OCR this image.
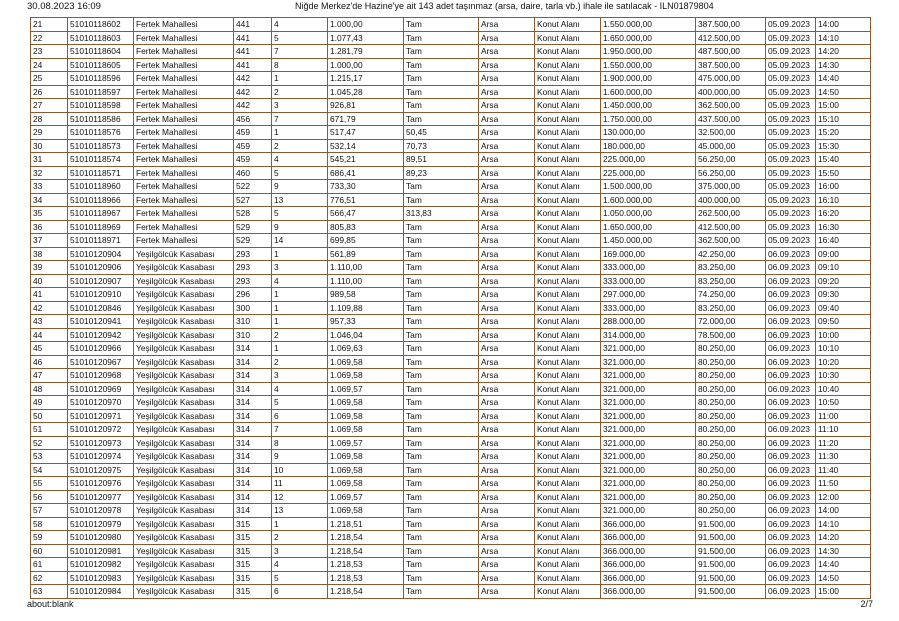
30.08.2023 16:09	Niğde Merkez'de Hazine'ye ait 143 adet taşınmaz (arsa, daire, tarla vb.) ihale ile satılacak - ILN01879804
21	51010118602	Fertek Mahallesi	441	4	1.000,00	Tam	Arsa	Konut Alanı	1.550.000,00	387.500,00	05.09.2023	14:00
22	51010118603	Fertek Mahallesi	441	5	1.077,43	Tam	Arsa	Konut Alanı	1.650.000,00	412.500,00	05.09.2023	14:10
23	51010118604	Fertek Mahallesi	441	7	1.281,79	Tam	Arsa	Konut Alanı	1.950.000,00	487.500,00	05.09.2023	14:20
24	51010118605	Fertek Mahallesi	441	8	1.000,00	Tam	Arsa	Konut Alanı	1.550.000,00	387.500,00	05.09.2023	14:30
25	51010118596	Fertek Mahallesi	442	1	1.215,17	Tam	Arsa	Konut Alanı	1.900.000,00	475.000,00	05.09.2023	14:40
26	51010118597	Fertek Mahallesi	442	2	1.045,28	Tam	Arsa	Konut Alanı	1.600.000,00	400.000,00	05.09.2023	14:50
27	51010118598	Fertek Mahallesi	442	3	926,81	Tam	Arsa	Konut Alanı	1.450.000,00	362.500,00	05.09.2023	15:00
28	51010118586	Fertek Mahallesi	456	7	671,79	Tam	Arsa	Konut Alanı	1.750.000,00	437.500,00	05.09.2023	15:10
29	51010118576	Fertek Mahallesi	459	1	517,47	50,45	Arsa	Konut Alanı	130.000,00	32.500,00	05.09.2023	15:20
30	51010118573	Fertek Mahallesi	459	2	532,14	70,73	Arsa	Konut Alanı	180.000,00	45.000,00	05.09.2023	15:30
31	51010118574	Fertek Mahallesi	459	4	545,21	89,51	Arsa	Konut Alanı	225.000,00	56.250,00	05.09.2023	15:40
32	51010118571	Fertek Mahallesi	460	5	686,41	89,23	Arsa	Konut Alanı	225.000,00	56.250,00	05.09.2023	15:50
33	51010118960	Fertek Mahallesi	522	9	733,30	Tam	Arsa	Konut Alanı	1.500.000,00	375.000,00	05.09.2023	16:00
34	51010118966	Fertek Mahallesi	527	13	776,51	Tam	Arsa	Konut Alanı	1.600.000,00	400.000,00	05.09.2023	16:10
35	51010118967	Fertek Mahallesi	528	5	566,47	313,83	Arsa	Konut Alanı	1.050.000,00	262.500,00	05.09.2023	16:20
36	51010118969	Fertek Mahallesi	529	9	805,83	Tam	Arsa	Konut Alanı	1.650.000,00	412.500,00	05.09.2023	16:30
37	51010118971	Fertek Mahallesi	529	14	699,85	Tam	Arsa	Konut Alanı	1.450.000,00	362.500,00	05.09.2023	16:40
38	51010120904	Yeşilgölcük Kasabası	293	1	561,89	Tam	Arsa	Konut Alanı	169.000,00	42.250,00	06.09.2023	09:00
39	51010120906	Yeşilgölcük Kasabası	293	3	1.110,00	Tam	Arsa	Konut Alanı	333.000,00	83.250,00	06.09.2023	09:10
40	51010120907	Yeşilgölcük Kasabası	293	4	1.110,00	Tam	Arsa	Konut Alanı	333.000,00	83.250,00	06.09.2023	09:20
41	51010120910	Yeşilgölcük Kasabası	296	1	989,58	Tam	Arsa	Konut Alanı	297.000,00	74.250,00	06.09.2023	09:30
42	51010120846	Yeşilgölcük Kasabası	300	1	1.109,88	Tam	Arsa	Konut Alanı	333.000,00	83.250,00	06.09.2023	09:40
43	51010120941	Yeşilgölcük Kasabası	310	1	957,33	Tam	Arsa	Konut Alanı	288.000,00	72.000,00	06.09.2023	09:50
44	51010120942	Yeşilgölcük Kasabası	310	2	1.046,04	Tam	Arsa	Konut Alanı	314.000,00	78.500,00	06.09.2023	10:00
45	51010120966	Yeşilgölcük Kasabası	314	1	1.069,63	Tam	Arsa	Konut Alanı	321.000,00	80.250,00	06.09.2023	10:10
46	51010120967	Yeşilgölcük Kasabası	314	2	1.069,58	Tam	Arsa	Konut Alanı	321.000,00	80.250,00	06.09.2023	10:20
47	51010120968	Yeşilgölcük Kasabası	314	3	1.069,58	Tam	Arsa	Konut Alanı	321.000,00	80.250,00	06.09.2023	10:30
48	51010120969	Yeşilgölcük Kasabası	314	4	1.069,57	Tam	Arsa	Konut Alanı	321.000,00	80.250,00	06.09.2023	10:40
49	51010120970	Yeşilgölcük Kasabası	314	5	1.069,58	Tam	Arsa	Konut Alanı	321.000,00	80.250,00	06.09.2023	10:50
50	51010120971	Yeşilgölcük Kasabası	314	6	1.069,58	Tam	Arsa	Konut Alanı	321.000,00	80.250,00	06.09.2023	11:00
51	51010120972	Yeşilgölcük Kasabası	314	7	1.069,58	Tam	Arsa	Konut Alanı	321.000,00	80.250,00	06.09.2023	11:10
52	51010120973	Yeşilgölcük Kasabası	314	8	1.069,57	Tam	Arsa	Konut Alanı	321.000,00	80.250,00	06.09.2023	11:20
53	51010120974	Yeşilgölcük Kasabası	314	9	1.069,58	Tam	Arsa	Konut Alanı	321.000,00	80.250,00	06.09.2023	11:30
54	51010120975	Yeşilgölcük Kasabası	314	10	1.069,58	Tam	Arsa	Konut Alanı	321.000,00	80.250,00	06.09.2023	11:40
55	51010120976	Yeşilgölcük Kasabası	314	11	1.069,58	Tam	Arsa	Konut Alanı	321.000,00	80.250,00	06.09.2023	11:50
56	51010120977	Yeşilgölcük Kasabası	314	12	1.069,57	Tam	Arsa	Konut Alanı	321.000,00	80.250,00	06.09.2023	12:00
57	51010120978	Yeşilgölcük Kasabası	314	13	1.069,58	Tam	Arsa	Konut Alanı	321.000,00	80.250,00	06.09.2023	14:00
58	51010120979	Yeşilgölcük Kasabası	315	1	1.218,51	Tam	Arsa	Konut Alanı	366.000,00	91.500,00	06.09.2023	14:10
59	51010120980	Yeşilgölcük Kasabası	315	2	1.218,54	Tam	Arsa	Konut Alanı	366.000,00	91.500,00	06.09.2023	14:20
60	51010120981	Yeşilgölcük Kasabası	315	3	1.218,54	Tam	Arsa	Konut Alanı	366.000,00	91.500,00	06.09.2023	14:30
61	51010120982	Yeşilgölcük Kasabası	315	4	1.218,53	Tam	Arsa	Konut Alanı	366.000,00	91.500,00	06.09.2023	14:40
62	51010120983	Yeşilgölcük Kasabası	315	5	1.218,53	Tam	Arsa	Konut Alanı	366.000,00	91.500,00	06.09.2023	14:50
63	51010120984	Yeşilgölcük Kasabası	315	6	1.218,54	Tam	Arsa	Konut Alanı	366.000,00	91.500,00	06.09.2023	15:00
about:blank	2/7
